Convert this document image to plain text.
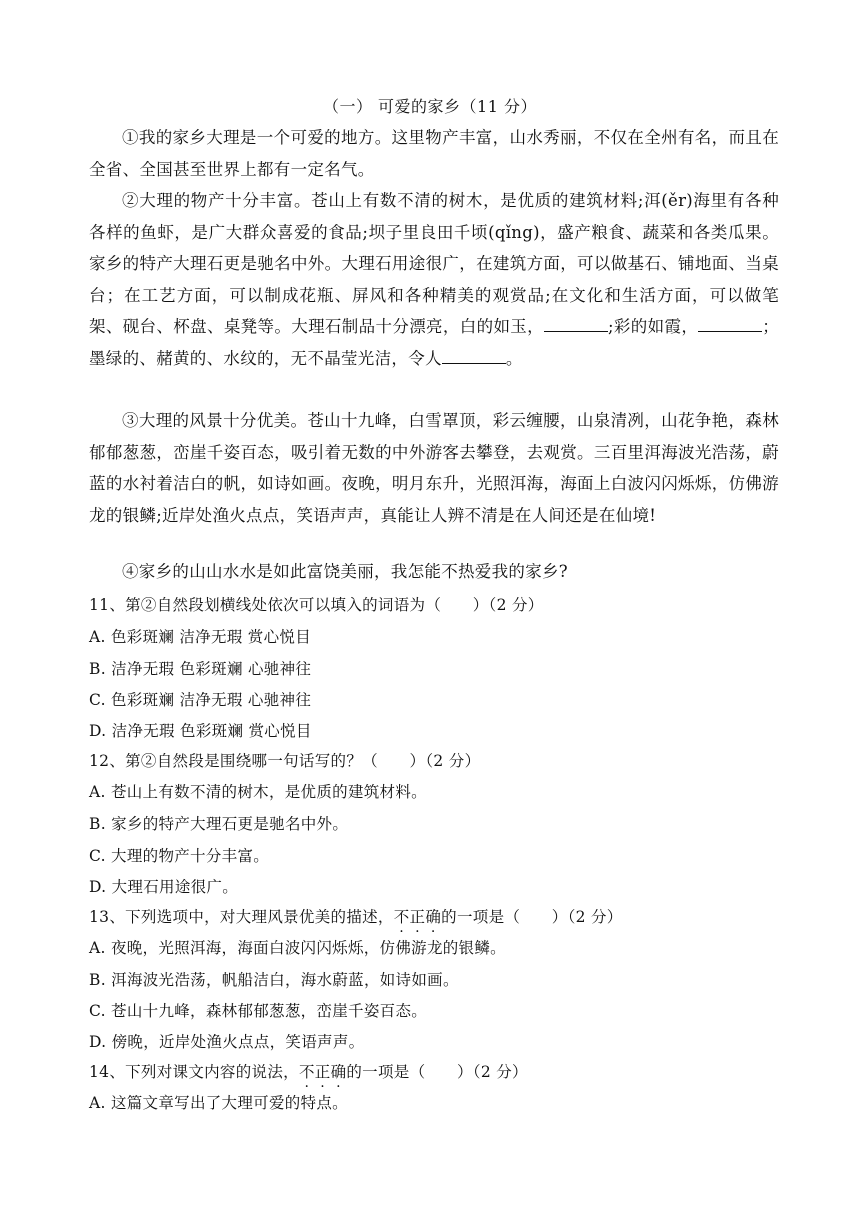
（一） 可爱的家乡（11 分）
①我的家乡大理是一个可爱的地方。这里物产丰富，山水秀丽，不仅在全州有名，而且在全省、全国甚至世界上都有一定名气。
②大理的物产十分丰富。苍山上有数不清的树木，是优质的建筑材料;洱(ěr)海里有各种各样的鱼虾，是广大群众喜爱的食品;坝子里良田千顷(qǐng)，盛产粮食、蔬菜和各类瓜果。家乡的特产大理石更是驰名中外。大理石用途很广，在建筑方面，可以做基石、铺地面、当桌台；在工艺方面，可以制成花瓶、屏风和各种精美的观赏品;在文化和生活方面，可以做笔架、砚台、杯盘、桌凳等。大理石制品十分漂亮，白的如玉，	;彩的如霞，	；墨绿的、赭黄的、水纹的，无不晶莹光洁，令人	。
③大理的风景十分优美。苍山十九峰，白雪罩顶，彩云缠腰，山泉清冽，山花争艳，森林郁郁葱葱，峦崖千姿百态，吸引着无数的中外游客去攀登，去观赏。三百里洱海波光浩荡，蔚蓝的水衬着洁白的帆，如诗如画。夜晚，明月东升，光照洱海，海面上白波闪闪烁烁，仿佛游龙的银鳞;近岸处渔火点点，笑语声声，真能让人辨不清是在人间还是在仙境!
④家乡的山山水水是如此富饶美丽，我怎能不热爱我的家乡?
11、第②自然段划横线处依次可以填入的词语为（　　）（2 分）
A. 色彩斑斓 洁净无瑕 赏心悦目
B. 洁净无瑕 色彩斑斓 心驰神往
C. 色彩斑斓 洁净无瑕 心驰神往
D. 洁净无瑕 色彩斑斓 赏心悦目
12、第②自然段是围绕哪一句话写的？（　　）（2 分）
A. 苍山上有数不清的树木，是优质的建筑材料。
B. 家乡的特产大理石更是驰名中外。
C. 大理的物产十分丰富。
D. 大理石用途很广。
13、下列选项中，对大理风景优美的描述，不正确的一项是（　　）（2 分）
A. 夜晚，光照洱海，海面白波闪闪烁烁，仿佛游龙的银鳞。
B. 洱海波光浩荡，帆船洁白，海水蔚蓝，如诗如画。
C. 苍山十九峰，森林郁郁葱葱，峦崖千姿百态。
D. 傍晚，近岸处渔火点点，笑语声声。
14、下列对课文内容的说法，不正确的一项是（　　）（2 分）
A. 这篇文章写出了大理可爱的特点。
